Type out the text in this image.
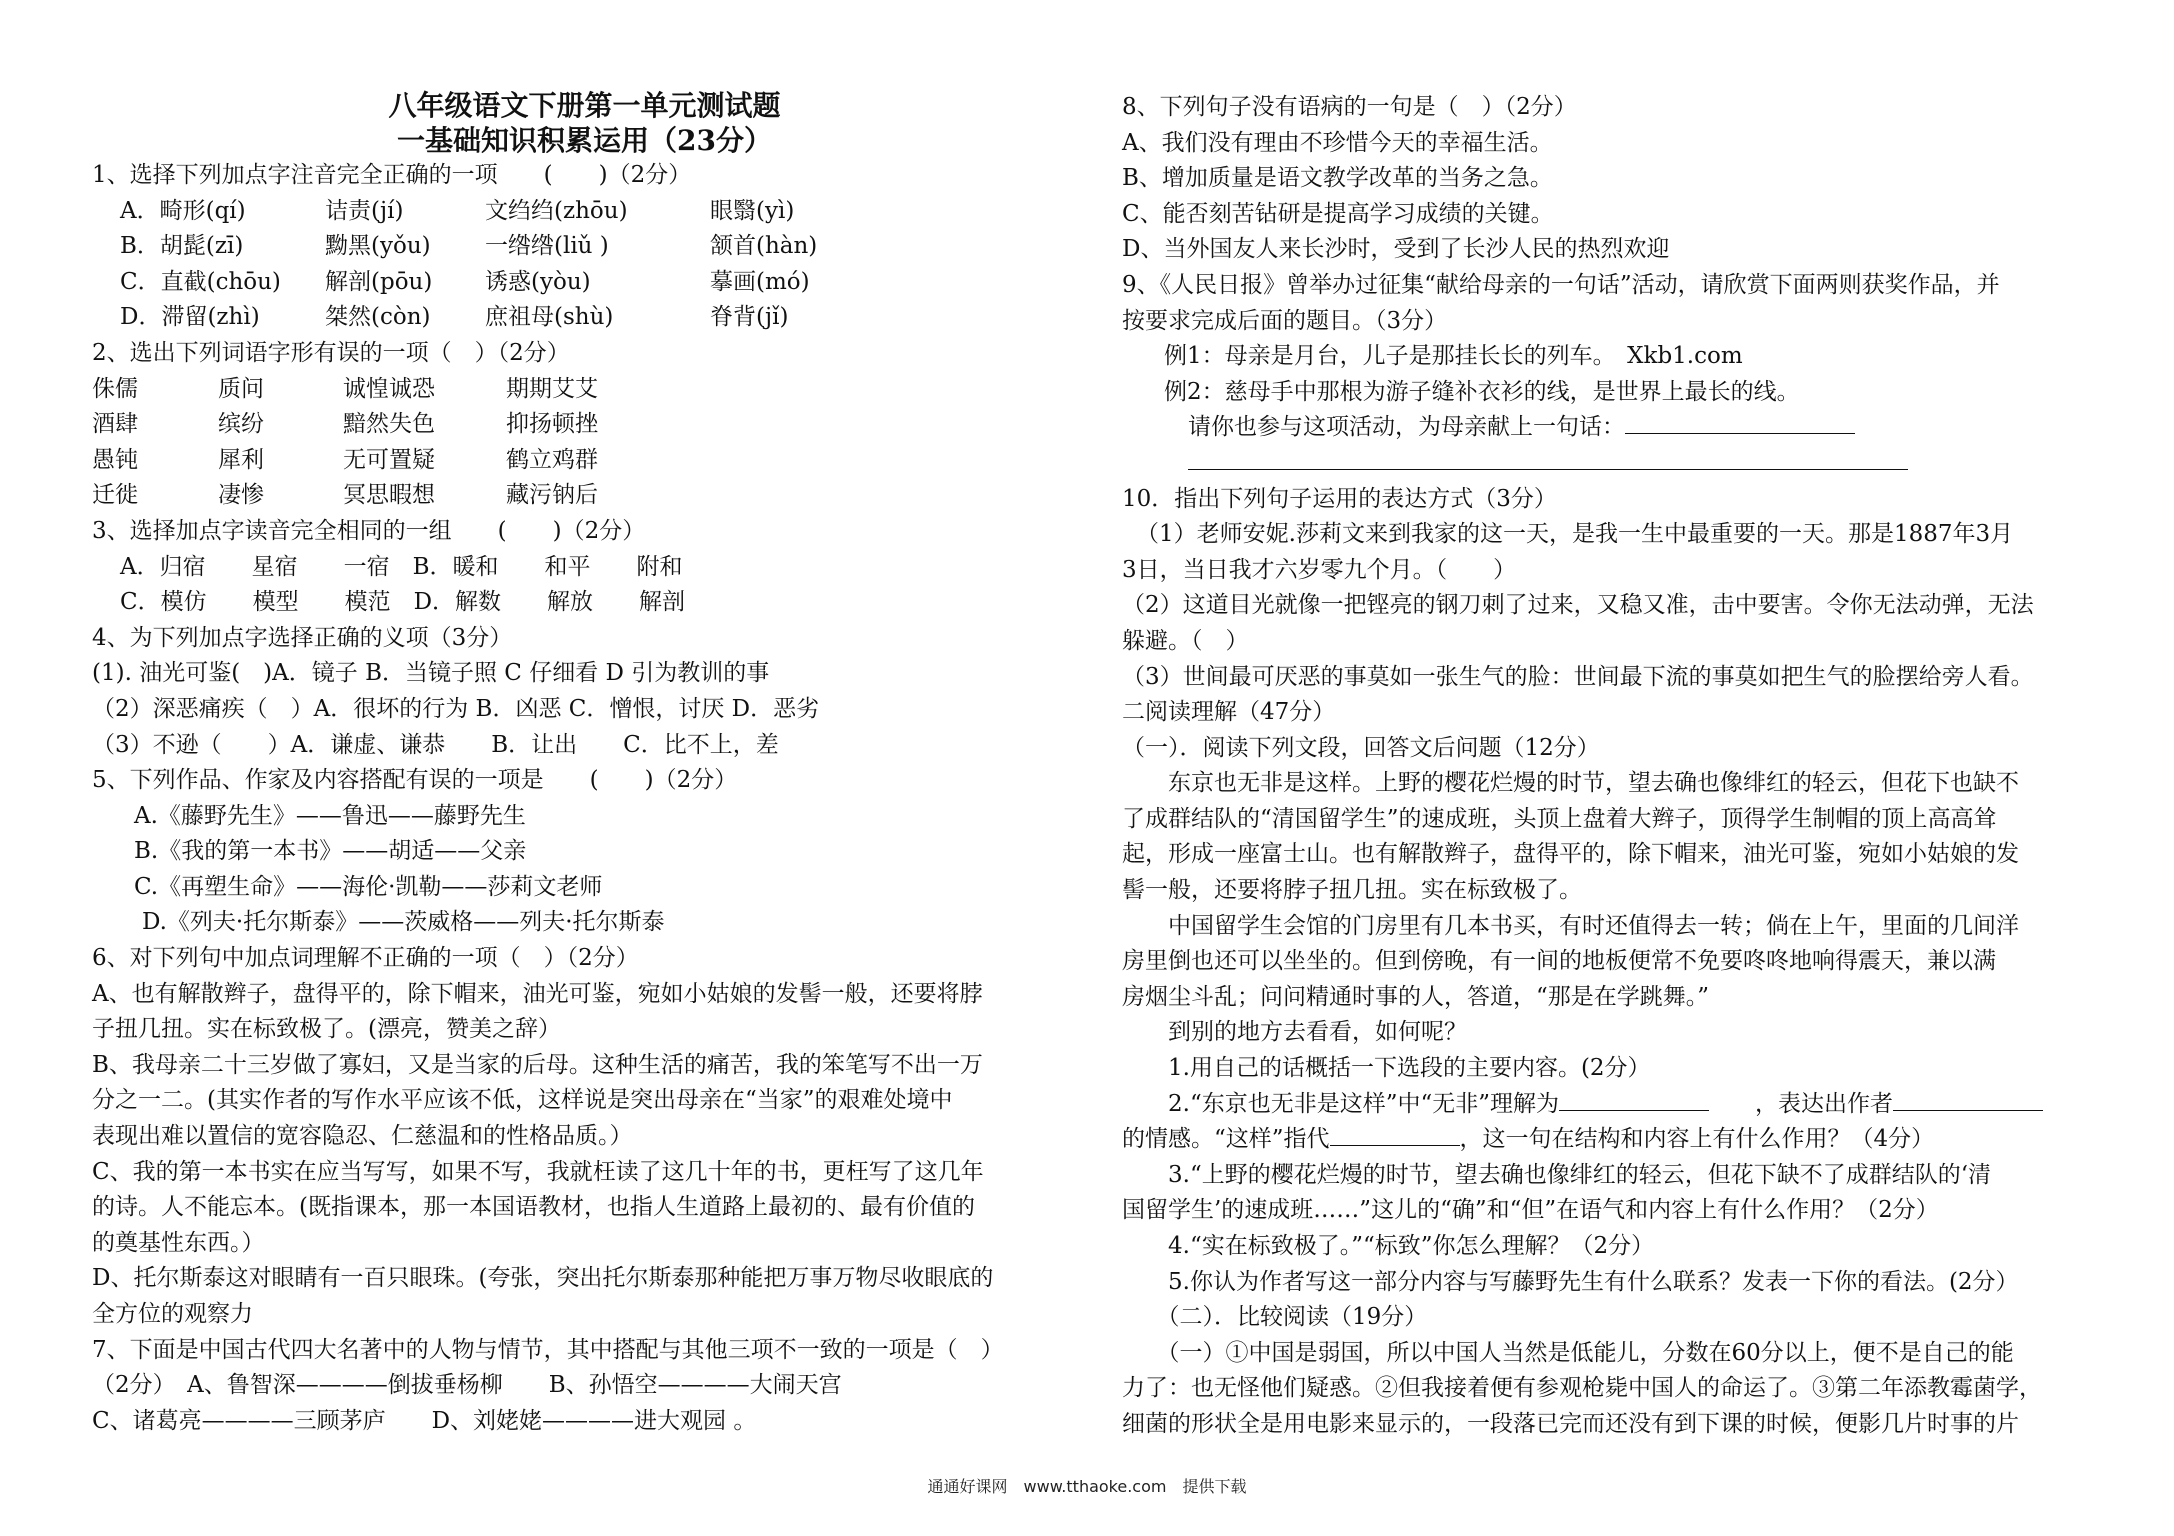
八年级语文下册第一单元测试题
一基础知识积累运用（23分）
1、选择下列加点字注音完全正确的一项　　(　　)（2分）
A．畸形(qí)	诘责(jí)	文绉绉(zhōu)	眼翳(yì)
B．胡髭(zī)	黝黑(yǒu)	一绺绺(liǔ )	颔首(hàn)
C．直截(chōu)	解剖(pōu)	诱惑(yòu)	摹画(mó)
D．滞留(zhì)	桀然(còn)	庶祖母(shù)	脊背(jǐ)
2、选出下列词语字形有误的一项（　）（2分）
侏儒	质问	诚惶诚恐	期期艾艾
酒肆	缤纷	黯然失色	抑扬顿挫
愚钝	犀利	无可置疑	鹤立鸡群
迁徙	凄惨	冥思暇想	藏污钠后
3、选择加点字读音完全相同的一组　　(　　)（2分）
A．归宿　　星宿　　一宿　B．暖和　　和平　　附和
C．模仿　　模型　　模范　D．解数　　解放　　解剖
4、为下列加点字选择正确的义项（3分）
(1). 油光可鉴(　)A．镜子 B．当镜子照 C 仔细看 D 引为教训的事
（2）深恶痛疾（　）A．很坏的行为 B．凶恶 C．憎恨，讨厌 D．恶劣
（3）不逊（　　）A．谦虚、谦恭　　B．让出　　C．比不上，差
5、下列作品、作家及内容搭配有误的一项是　　(　　)（2分）
A.《藤野先生》——鲁迅——藤野先生
B.《我的第一本书》——胡适——父亲
C.《再塑生命》——海伦·凯勒——莎莉文老师
D.《列夫·托尔斯泰》——茨威格——列夫·托尔斯泰
6、对下列句中加点词理解不正确的一项（　）（2分）
A、也有解散辫子，盘得平的，除下帽来，油光可鉴，宛如小姑娘的发髻一般，还要将脖
子扭几扭。实在标致极了。(漂亮，赞美之辞）
B、我母亲二十三岁做了寡妇，又是当家的后母。这种生活的痛苦，我的笨笔写不出一万
分之一二。(其实作者的写作水平应该不低，这样说是突出母亲在“当家”的艰难处境中
表现出难以置信的宽容隐忍、仁慈温和的性格品质。）
C、我的第一本书实在应当写写，如果不写，我就枉读了这几十年的书，更枉写了这几年
的诗。人不能忘本。(既指课本，那一本国语教材，也指人生道路上最初的、最有价值的
的奠基性东西。）
D、托尔斯泰这对眼睛有一百只眼珠。(夸张，突出托尔斯泰那种能把万事万物尽收眼底的
全方位的观察力
7、下面是中国古代四大名著中的人物与情节，其中搭配与其他三项不一致的一项是（　）
（2分）　A、鲁智深————倒拔垂杨柳　　B、孙悟空————大闹天宫
C、诸葛亮————三顾茅庐　　D、刘姥姥————进大观园 。
8、下列句子没有语病的一句是（　）（2分）
A、我们没有理由不珍惜今天的幸福生活。
B、增加质量是语文教学改革的当务之急。
C、能否刻苦钻研是提高学习成绩的关键。
D、当外国友人来长沙时，受到了长沙人民的热烈欢迎
9、《人民日报》曾举办过征集“献给母亲的一句话”活动，请欣赏下面两则获奖作品，并
按要求完成后面的题目。（3分）
例1：母亲是月台，儿子是那挂长长的列车。　Xkb1.com
例2：慈母手中那根为游子缝补衣衫的线，是世界上最长的线。
请你也参与这项活动，为母亲献上一句话：
10．指出下列句子运用的表达方式（3分）
（1）老师安妮.莎莉文来到我家的这一天，是我一生中最重要的一天。那是1887年3月
3日，当日我才六岁零九个月。（　　）
（2）这道目光就像一把铿亮的钢刀刺了过来，又稳又准，击中要害。令你无法动弹，无法
躲避。（　）
（3）世间最可厌恶的事莫如一张生气的脸：世间最下流的事莫如把生气的脸摆给旁人看。
二阅读理解（47分）
（一）．阅读下列文段，回答文后问题（12分）
　　东京也无非是这样。上野的樱花烂熳的时节，望去确也像绯红的轻云，但花下也缺不
了成群结队的“清国留学生”的速成班，头顶上盘着大辫子，顶得学生制帽的顶上高高耸
起，形成一座富士山。也有解散辫子，盘得平的，除下帽来，油光可鉴，宛如小姑娘的发
髻一般，还要将脖子扭几扭。实在标致极了。
　　中国留学生会馆的门房里有几本书买，有时还值得去一转；倘在上午，里面的几间洋
房里倒也还可以坐坐的。但到傍晚，有一间的地板便常不免要咚咚地响得震天，兼以满
房烟尘斗乱；问问精通时事的人，答道，“那是在学跳舞。”
　　到别的地方去看看，如何呢？
　　1.用自己的话概括一下选段的主要内容。(2分）
　　2.“东京也无非是这样”中“无非”理解为	　　，表达出作者
的情感。“这样”指代	，这一句在结构和内容上有什么作用？（4分）
　　3.“上野的樱花烂熳的时节，望去确也像绯红的轻云，但花下缺不了成群结队的‘清
国留学生’的速成班……”这儿的“确”和“但”在语气和内容上有什么作用？（2分）
　　4.“实在标致极了。”“标致”你怎么理解？（2分）
　　5.你认为作者写这一部分内容与写藤野先生有什么联系？发表一下你的看法。(2分）
　　（二）．比较阅读（19分）
　　（一）①中国是弱国，所以中国人当然是低能儿，分数在60分以上，便不是自己的能
力了：也无怪他们疑惑。②但我接着便有参观枪毙中国人的命运了。③第二年添教霉菌学，
细菌的形状全是用电影来显示的，一段落已完而还没有到下课的时候，便影几片时事的片
通通好课网　www.tthaoke.com　提供下载
